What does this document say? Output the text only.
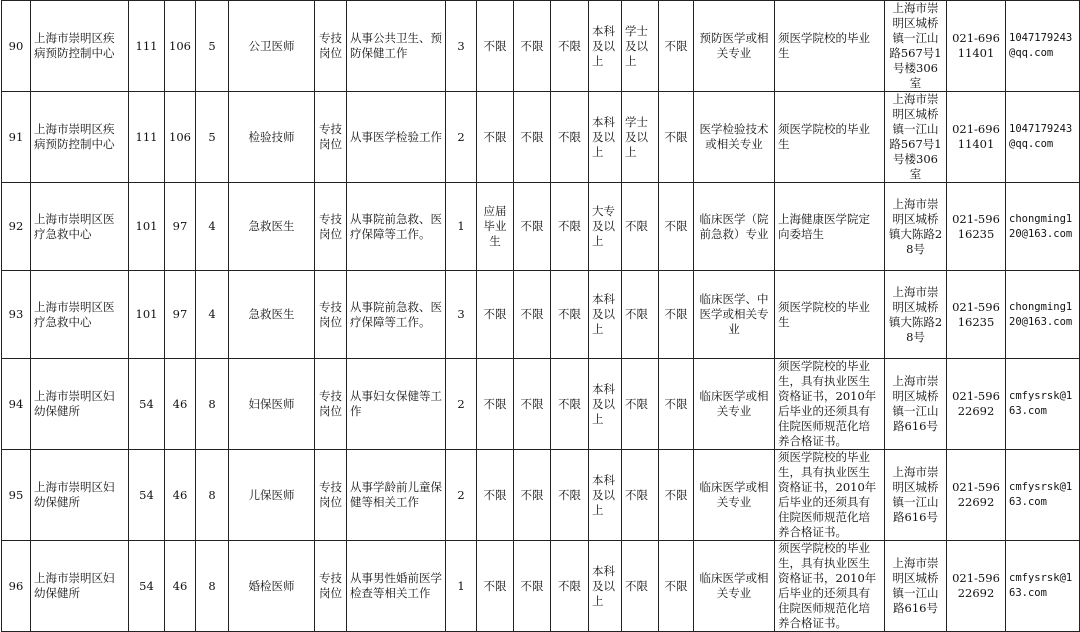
90	上海市崇明区疾病预防控制中心	111	106	5	公卫医师	专技岗位	从事公共卫生、预防保健工作	3	不限	不限	不限	本科及以上	学士及以上	不限	预防医学或相关专业	须医学院校的毕业生	上海市崇明区城桥镇一江山路567号1号楼306室	021-69611401	1047179243@qq.com
91	上海市崇明区疾病预防控制中心	111	106	5	检验技师	专技岗位	从事医学检验工作	2	不限	不限	不限	本科及以上	学士及以上	不限	医学检验技术或相关专业	须医学院校的毕业生	上海市崇明区城桥镇一江山路567号1号楼306室	021-69611401	1047179243@qq.com
92	上海市崇明区医疗急救中心	101	97	4	急救医生	专技岗位	从事院前急救、医疗保障等工作。	1	应届毕业生	不限	不限	大专及以上	不限	不限	临床医学（院前急救）专业	上海健康医学院定向委培生	上海市崇明区城桥镇大陈路28号	021-59616235	chongming120@163.com
93	上海市崇明区医疗急救中心	101	97	4	急救医生	专技岗位	从事院前急救、医疗保障等工作。	3	不限	不限	不限	本科及以上	不限	不限	临床医学、中医学或相关专业	须医学院校的毕业生	上海市崇明区城桥镇大陈路28号	021-59616235	chongming120@163.com
94	上海市崇明区妇幼保健所	54	46	8	妇保医师	专技岗位	从事妇女保健等工作	2	不限	不限	不限	本科及以上	不限	不限	临床医学或相关专业	须医学院校的毕业生，具有执业医生资格证书，2010年后毕业的还须具有住院医师规范化培养合格证书。	上海市崇明区城桥镇一江山路616号	021-59622692	cmfysrsk@163.com
95	上海市崇明区妇幼保健所	54	46	8	儿保医师	专技岗位	从事学龄前儿童保健等相关工作	2	不限	不限	不限	本科及以上	不限	不限	临床医学或相关专业	须医学院校的毕业生，具有执业医生资格证书，2010年后毕业的还须具有住院医师规范化培养合格证书。	上海市崇明区城桥镇一江山路616号	021-59622692	cmfysrsk@163.com
96	上海市崇明区妇幼保健所	54	46	8	婚检医师	专技岗位	从事男性婚前医学检查等相关工作	1	不限	不限	不限	本科及以上	不限	不限	临床医学或相关专业	须医学院校的毕业生，具有执业医生资格证书，2010年后毕业的还须具有住院医师规范化培养合格证书。	上海市崇明区城桥镇一江山路616号	021-59622692	cmfysrsk@163.com
